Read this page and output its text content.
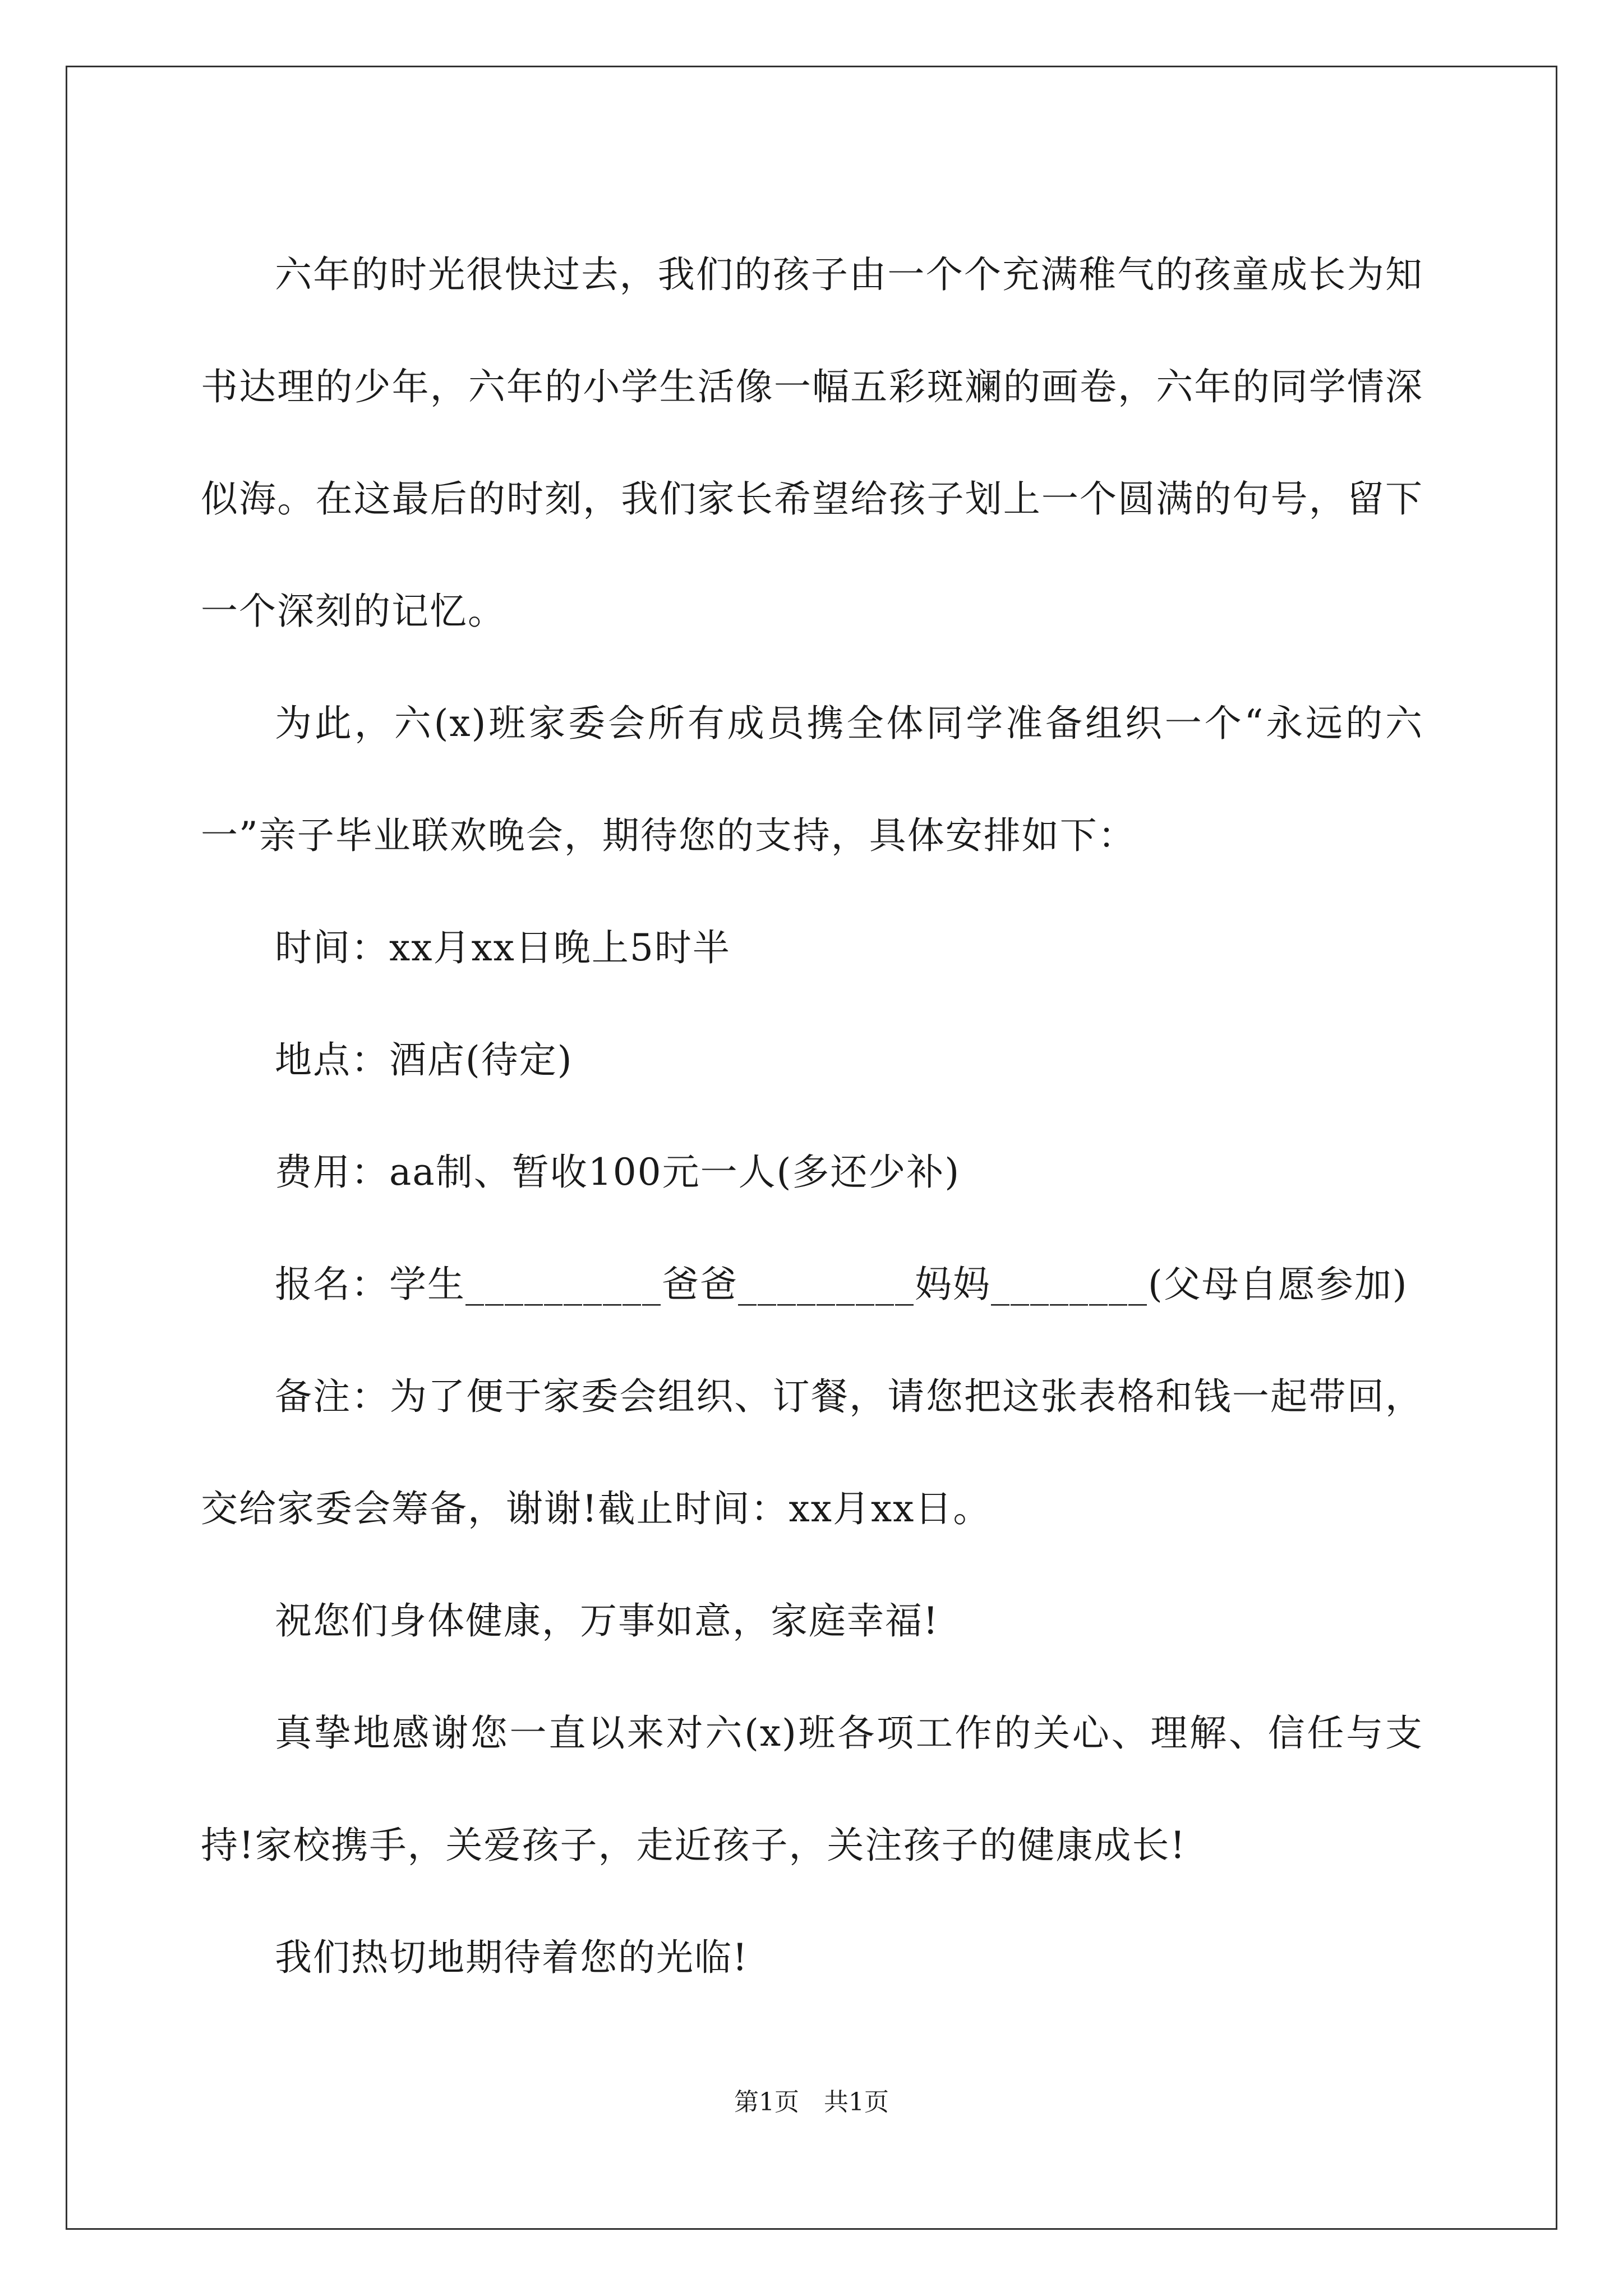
六年的时光很快过去，我们的孩子由一个个充满稚气的孩童成长为知书达理的少年，六年的小学生活像一幅五彩斑斓的画卷，六年的同学情深似海。在这最后的时刻，我们家长希望给孩子划上一个圆满的句号，留下一个深刻的记忆。

为此，六(x)班家委会所有成员携全体同学准备组织一个“永远的六一”亲子毕业联欢晚会，期待您的支持，具体安排如下：

时间：xx月xx日晚上5时半

地点：酒店(待定)

费用：aa制、暂收100元一人(多还少补)

报名：学生__________爸爸_________妈妈________(父母自愿参加)

备注：为了便于家委会组织、订餐，请您把这张表格和钱一起带回，交给家委会筹备，谢谢!截止时间：xx月xx日。

祝您们身体健康，万事如意，家庭幸福!

真挚地感谢您一直以来对六(x)班各项工作的关心、理解、信任与支持!家校携手，关爱孩子，走近孩子，关注孩子的健康成长!

我们热切地期待着您的光临!

第1页　共1页
